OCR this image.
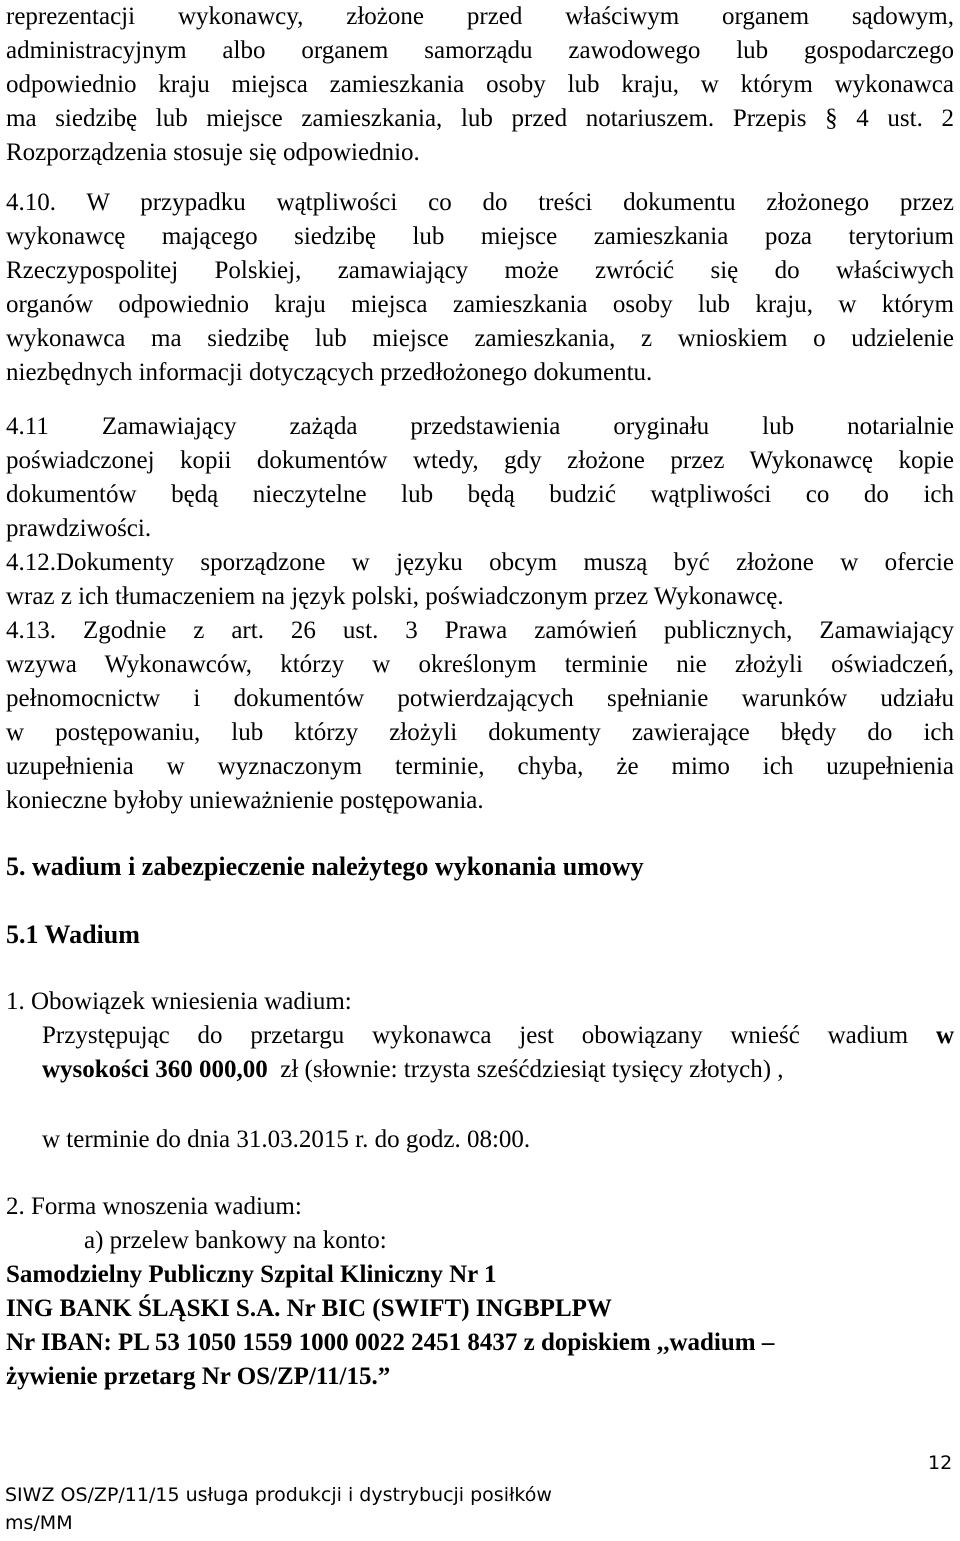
reprezentacji wykonawcy, złożone przed właściwym organem sądowym,
administracyjnym albo organem samorządu zawodowego lub gospodarczego
odpowiednio kraju miejsca zamieszkania osoby lub kraju, w którym wykonawca
ma siedzibę lub miejsce zamieszkania, lub przed notariuszem. Przepis § 4 ust. 2
Rozporządzenia stosuje się odpowiednio.
4.10. W przypadku wątpliwości co do treści dokumentu złożonego przez
wykonawcę mającego siedzibę lub miejsce zamieszkania poza terytorium
Rzeczypospolitej Polskiej, zamawiający może zwrócić się do właściwych
organów odpowiednio kraju miejsca zamieszkania osoby lub kraju, w którym
wykonawca ma siedzibę lub miejsce zamieszkania, z wnioskiem o udzielenie
niezbędnych informacji dotyczących przedłożonego dokumentu.
4.11 Zamawiający zażąda przedstawienia oryginału lub notarialnie
poświadczonej kopii dokumentów wtedy, gdy złożone przez Wykonawcę kopie
dokumentów będą nieczytelne lub będą budzić wątpliwości co do ich
prawdziwości.
4.12.Dokumenty sporządzone w języku obcym muszą być złożone w ofercie
wraz z ich tłumaczeniem na język polski, poświadczonym przez Wykonawcę.
4.13. Zgodnie z art. 26 ust. 3 Prawa zamówień publicznych, Zamawiający
wzywa Wykonawców, którzy w określonym terminie nie złożyli oświadczeń,
pełnomocnictw i dokumentów potwierdzających spełnianie warunków udziału
w postępowaniu, lub którzy złożyli dokumenty zawierające błędy do ich
uzupełnienia w wyznaczonym terminie, chyba, że mimo ich uzupełnienia
konieczne byłoby unieważnienie postępowania.
5. wadium i zabezpieczenie należytego wykonania umowy
5.1 Wadium
1. Obowiązek wniesienia wadium:
Przystępując do przetargu wykonawca jest obowiązany wnieść wadium w
wysokości 360 000,00 zł (słownie: trzysta sześćdziesiąt tysięcy złotych) ,
w terminie do dnia 31.03.2015 r. do godz. 08:00.
2. Forma wnoszenia wadium:
a) przelew bankowy na konto:
Samodzielny Publiczny Szpital Kliniczny Nr 1
ING BANK ŚLĄSKI S.A. Nr BIC (SWIFT) INGBPLPW
Nr IBAN: PL 53 1050 1559 1000 0022 2451 8437 z dopiskiem ,,wadium –
żywienie przetarg Nr OS/ZP/11/15.”
12
SIWZ OS/ZP/11/15 usługa produkcji i dystrybucji posiłków
ms/MM
